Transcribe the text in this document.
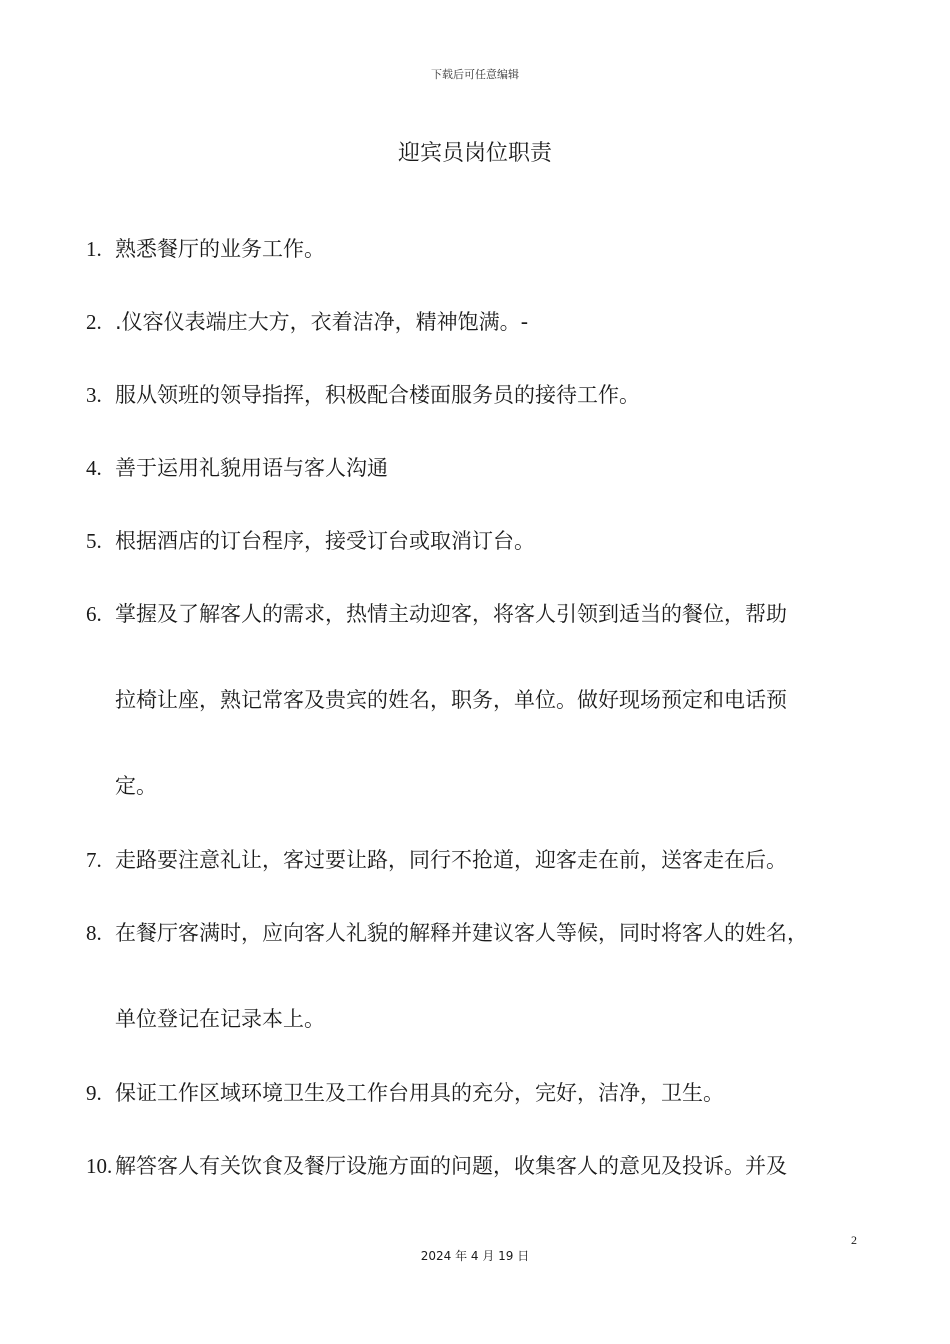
下载后可任意编辑
迎宾员岗位职责
1. 熟悉餐厅的业务工作。
2. .仪容仪表端庄大方，衣着洁净，精神饱满。-
3. 服从领班的领导指挥，积极配合楼面服务员的接待工作。
4. 善于运用礼貌用语与客人沟通
5. 根据酒店的订台程序，接受订台或取消订台。
6. 掌握及了解客人的需求，热情主动迎客，将客人引领到适当的餐位，帮助
拉椅让座，熟记常客及贵宾的姓名，职务，单位。做好现场预定和电话预
定。
7. 走路要注意礼让，客过要让路，同行不抢道，迎客走在前，送客走在后。
8. 在餐厅客满时，应向客人礼貌的解释并建议客人等候，同时将客人的姓名，
单位登记在记录本上。
9. 保证工作区域环境卫生及工作台用具的充分，完好，洁净，卫生。
10. 解答客人有关饮食及餐厅设施方面的问题，收集客人的意见及投诉。并及
2
2024 年 4 月 19 日
